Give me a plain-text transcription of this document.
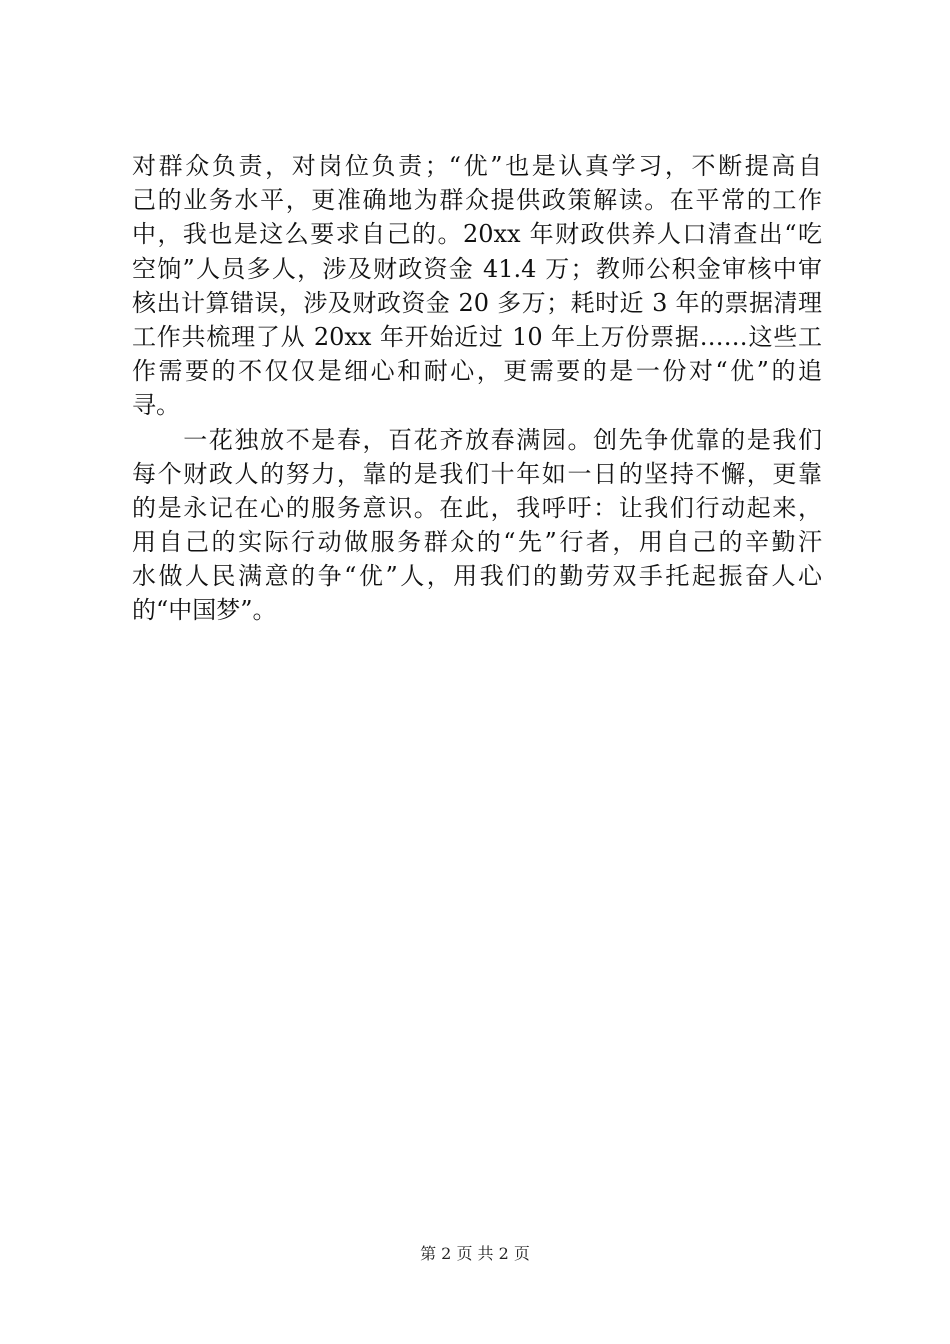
对群众负责，对岗位负责；“优”也是认真学习，不断提高自
己的业务水平，更准确地为群众提供政策解读。在平常的工作
中，我也是这么要求自己的。20xx 年财政供养人口清查出“吃
空饷”人员多人，涉及财政资金 41.4 万；教师公积金审核中审
核出计算错误，涉及财政资金 20 多万；耗时近 3 年的票据清理
工作共梳理了从 20xx 年开始近过 10 年上万份票据……这些工
作需要的不仅仅是细心和耐心，更需要的是一份对“优”的追
寻。
　　一花独放不是春，百花齐放春满园。创先争优靠的是我们
每个财政人的努力，靠的是我们十年如一日的坚持不懈，更靠
的是永记在心的服务意识。在此，我呼吁：让我们行动起来，
用自己的实际行动做服务群众的“先”行者，用自己的辛勤汗
水做人民满意的争“优”人，用我们的勤劳双手托起振奋人心
的“中国梦”。
第 2 页 共 2 页
